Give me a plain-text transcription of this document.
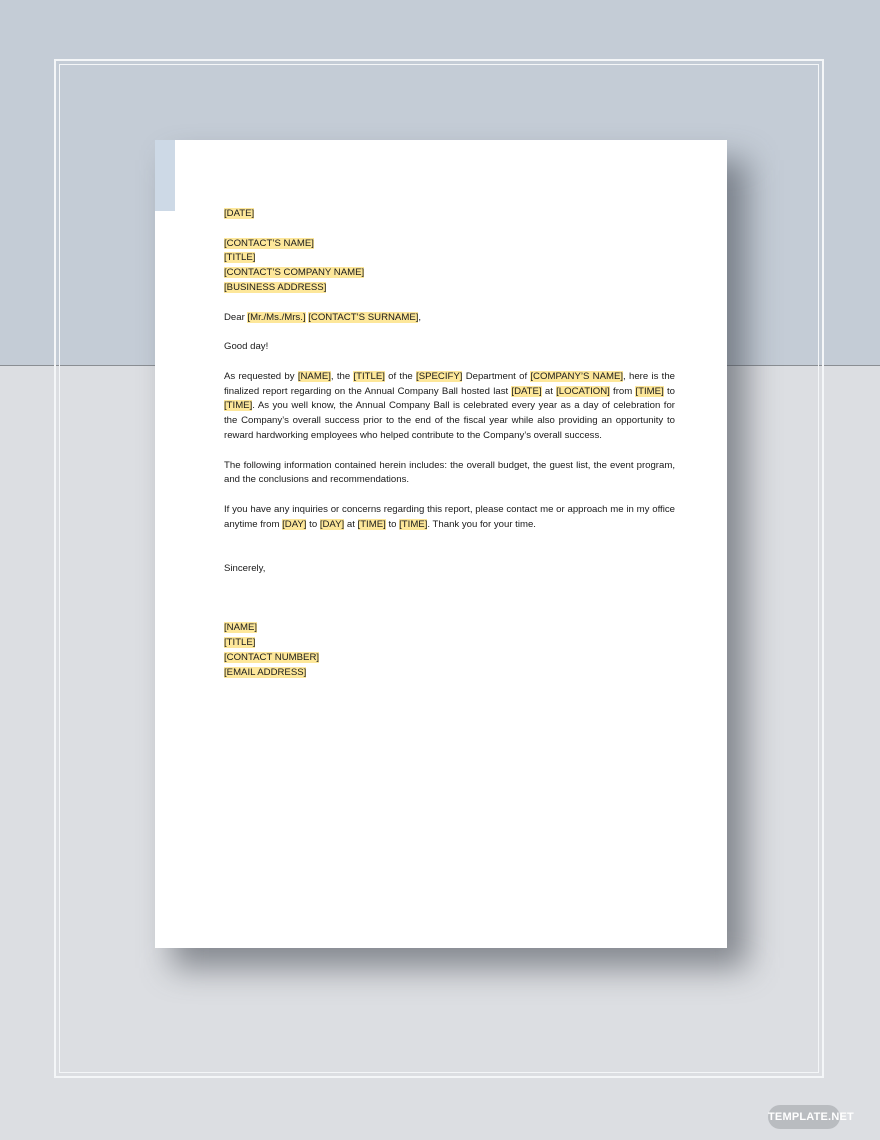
[DATE]

[CONTACT’S NAME]

[TITLE]

[CONTACT’S COMPANY NAME]

[BUSINESS ADDRESS]

Dear [Mr./Ms./Mrs.] [CONTACT’S SURNAME],

Good day!

As requested by [NAME], the [TITLE] of the [SPECIFY] Department of [COMPANY’S NAME], here is the finalized report regarding on the Annual Company Ball hosted last [DATE] at [LOCATION] from [TIME] to [TIME]. As you well know, the Annual Company Ball is celebrated every year as a day of celebration for the Company’s overall success prior to the end of the fiscal year while also providing an opportunity to reward hardworking employees who helped contribute to the Company’s overall success.

The following information contained herein includes: the overall budget, the guest list, the event program, and the conclusions and recommendations.

If you have any inquiries or concerns regarding this report, please contact me or approach me in my office anytime from [DAY] to [DAY] at [TIME] to [TIME]. Thank you for your time.

Sincerely,

[NAME]

[TITLE]

[CONTACT NUMBER]

[EMAIL ADDRESS]

TEMPLATE.NET
